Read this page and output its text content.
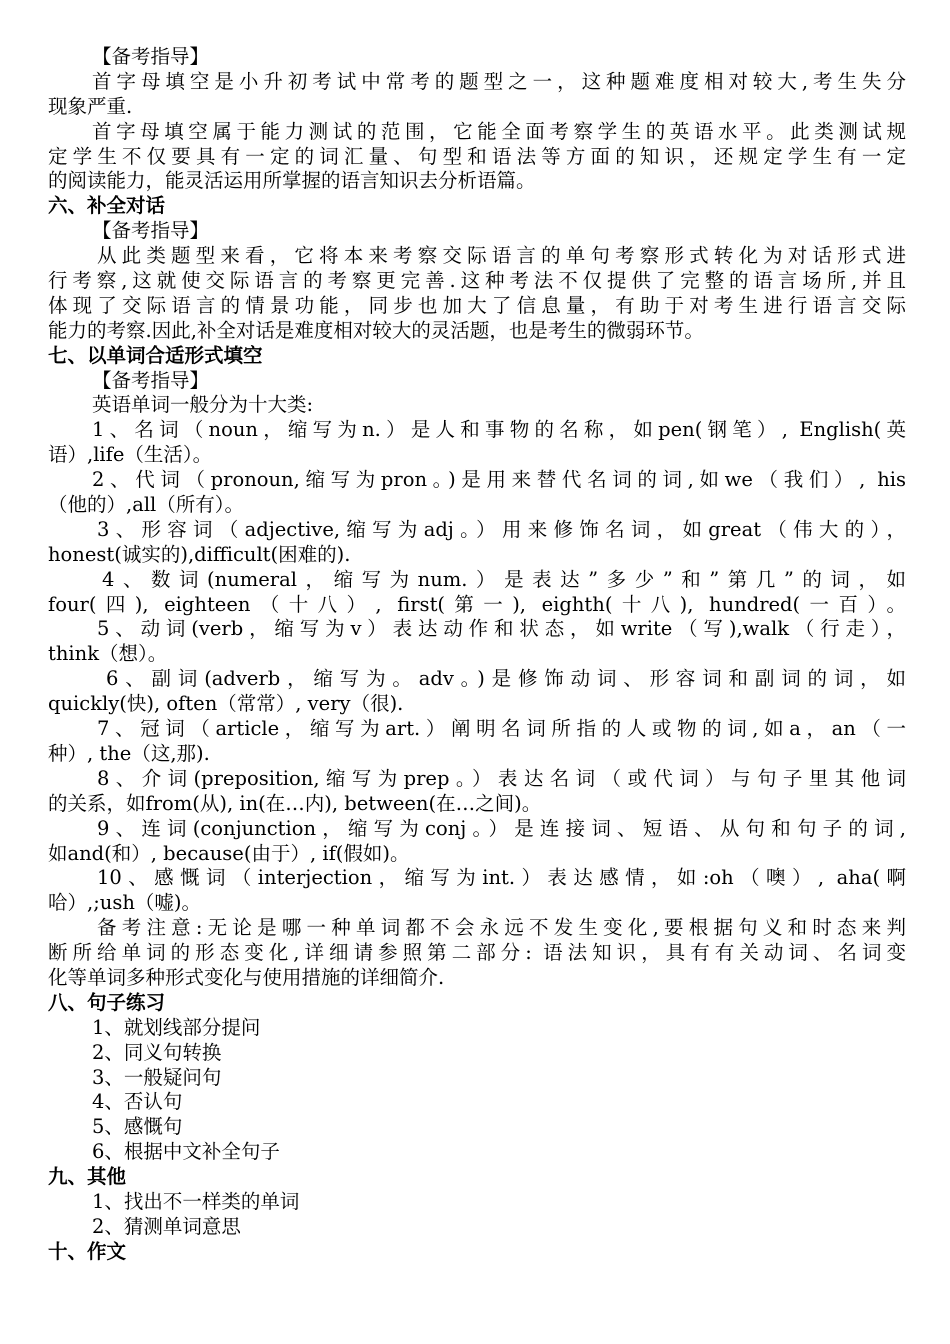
【备考指导】
首字母填空是小升初考试中常考的题型之一，这种题难度相对较大,考生失分
现象严重.
首字母填空属于能力测试的范围，它能全面考察学生的英语水平。此类测试规
定学生不仅要具有一定的词汇量、句型和语法等方面的知识，还规定学生有一定
的阅读能力，能灵活运用所掌握的语言知识去分析语篇。
六、补全对话
【备考指导】
从此类题型来看，它将本来考察交际语言的单句考察形式转化为对话形式进
行考察,这就使交际语言的考察更完善.这种考法不仅提供了完整的语言场所,并且
体现了交际语言的情景功能，同步也加大了信息量，有助于对考生进行语言交际
能力的考察.因此,补全对话是难度相对较大的灵活题，也是考生的微弱环节。
七、以单词合适形式填空
【备考指导】
英语单词一般分为十大类:
1、名词（noun，缩写为n.）是人和事物的名称，如pen(钢笔）, English(英
语）,life（生活）。
2、代词（pronoun,缩写为pron。)是用来替代名词的词,如we（我们）, his
（他的）,all（所有）。
3、形容词（adjective,缩写为adj。）用来修饰名词，如great（伟大的），
honest(诚实的),difficult(困难的).
4、数词(numeral，缩写为num.）是表达”多少”和”第几”的词，如
four(四), eighteen（十八）, first(第一), eighth(十八), hundred(一百）。
5、动词(verb，缩写为v）表达动作和状态，如write（写),walk（行走），
think（想）。
6、副词(adverb，缩写为。adv。)是修饰动词、形容词和副词的词，如
quickly(快), often（常常）, very（很).
7、冠词（article，缩写为art.）阐明名词所指的人或物的词,如a，an（一
种）, the（这,那).
8、介词(preposition,缩写为prep。）表达名词（或代词）与句子里其他词
的关系，如from(从), in(在…内), between(在…之间)。
9、连词(conjunction，缩写为conj。）是连接词、短语、从句和句子的词,
如and(和）, because(由于）, if(假如)。
10、感慨词（interjection，缩写为int.）表达感情，如:oh（噢）, aha(啊
哈）,;ush（嘘)。
备考注意:无论是哪一种单词都不会永远不发生变化,要根据句义和时态来判
断所给单词的形态变化,详细请参照第二部分: 语法知识，具有有关动词、名词变
化等单词多种形式变化与使用措施的详细简介.
八、句子练习
1、就划线部分提问
2、同义句转换
3、一般疑问句
4、否认句
5、感慨句
6、根据中文补全句子
九、其他
1、找出不一样类的单词
2、猜测单词意思
十、作文
